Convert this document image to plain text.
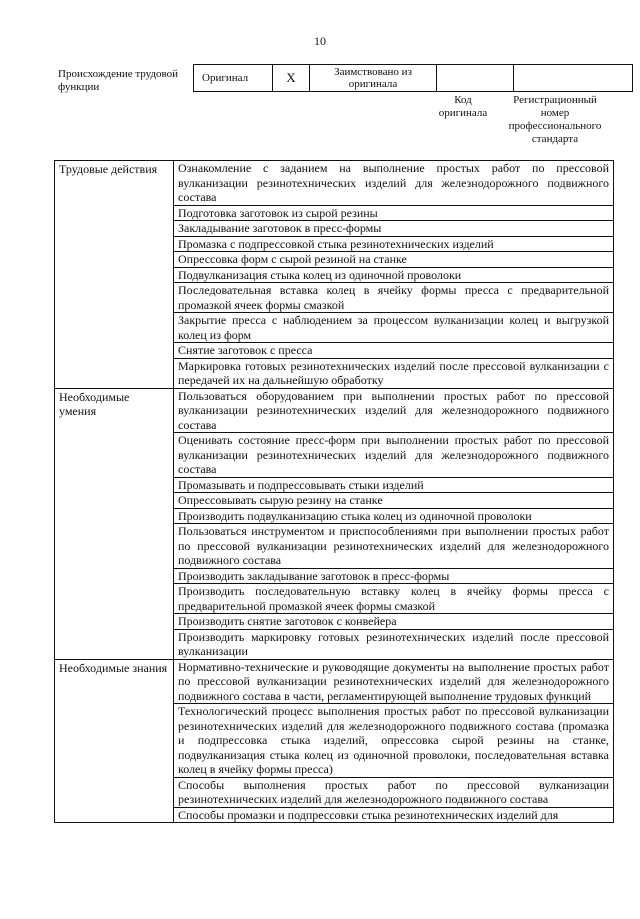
10
Происхождение трудовой функции
Оригинал	X	Заимствовано из оригинала		
Код оригинала
Регистрационный номер профессионального стандарта
Трудовые действия	Ознакомление с заданием на выполнение простых работ по прессовой вулканизации резинотехнических изделий для железнодорожного подвижного состава
	Подготовка заготовок из сырой резины
	Закладывание заготовок в пресс-формы
	Промазка с подпрессовкой стыка резинотехнических изделий
	Опрессовка форм с сырой резиной на станке
	Подвулканизация стыка колец из одиночной проволоки
	Последовательная вставка колец в ячейку формы пресса с предварительной промазкой ячеек формы смазкой
	Закрытие пресса с наблюдением за процессом вулканизации колец и выгрузкой колец из форм
	Снятие заготовок с пресса
	Маркировка готовых резинотехнических изделий после прессовой вулканизации с передачей их на дальнейшую обработку
Необходимые умения	Пользоваться оборудованием при выполнении простых работ по прессовой вулканизации резинотехнических изделий для железнодорожного подвижного состава
	Оценивать состояние пресс-форм при выполнении простых работ по прессовой вулканизации резинотехнических изделий для железнодорожного подвижного состава
	Промазывать и подпрессовывать стыки изделий
	Опрессовывать сырую резину на станке
	Производить подвулканизацию стыка колец из одиночной проволоки
	Пользоваться инструментом и приспособлениями при выполнении простых работ по прессовой вулканизации резинотехнических изделий для железнодорожного подвижного состава
	Производить закладывание заготовок в пресс-формы
	Производить последовательную вставку колец в ячейку формы пресса с предварительной промазкой ячеек формы смазкой
	Производить снятие заготовок с конвейера
	Производить маркировку готовых резинотехнических изделий после прессовой вулканизации
Необходимые знания	Нормативно-технические и руководящие документы на выполнение простых работ по прессовой вулканизации резинотехнических изделий для железнодорожного подвижного состава в части, регламентирующей выполнение трудовых функций
	Технологический процесс выполнения простых работ по прессовой вулканизации резинотехнических изделий для железнодорожного подвижного состава (промазка и подпрессовка стыка изделий, опрессовка сырой резины на станке, подвулканизация стыка колец из одиночной проволоки, последовательная вставка колец в ячейку формы пресса)
	Способы выполнения простых работ по прессовой вулканизации резинотехнических изделий для железнодорожного подвижного состава
	Способы промазки и подпрессовки стыка резинотехнических изделий для
